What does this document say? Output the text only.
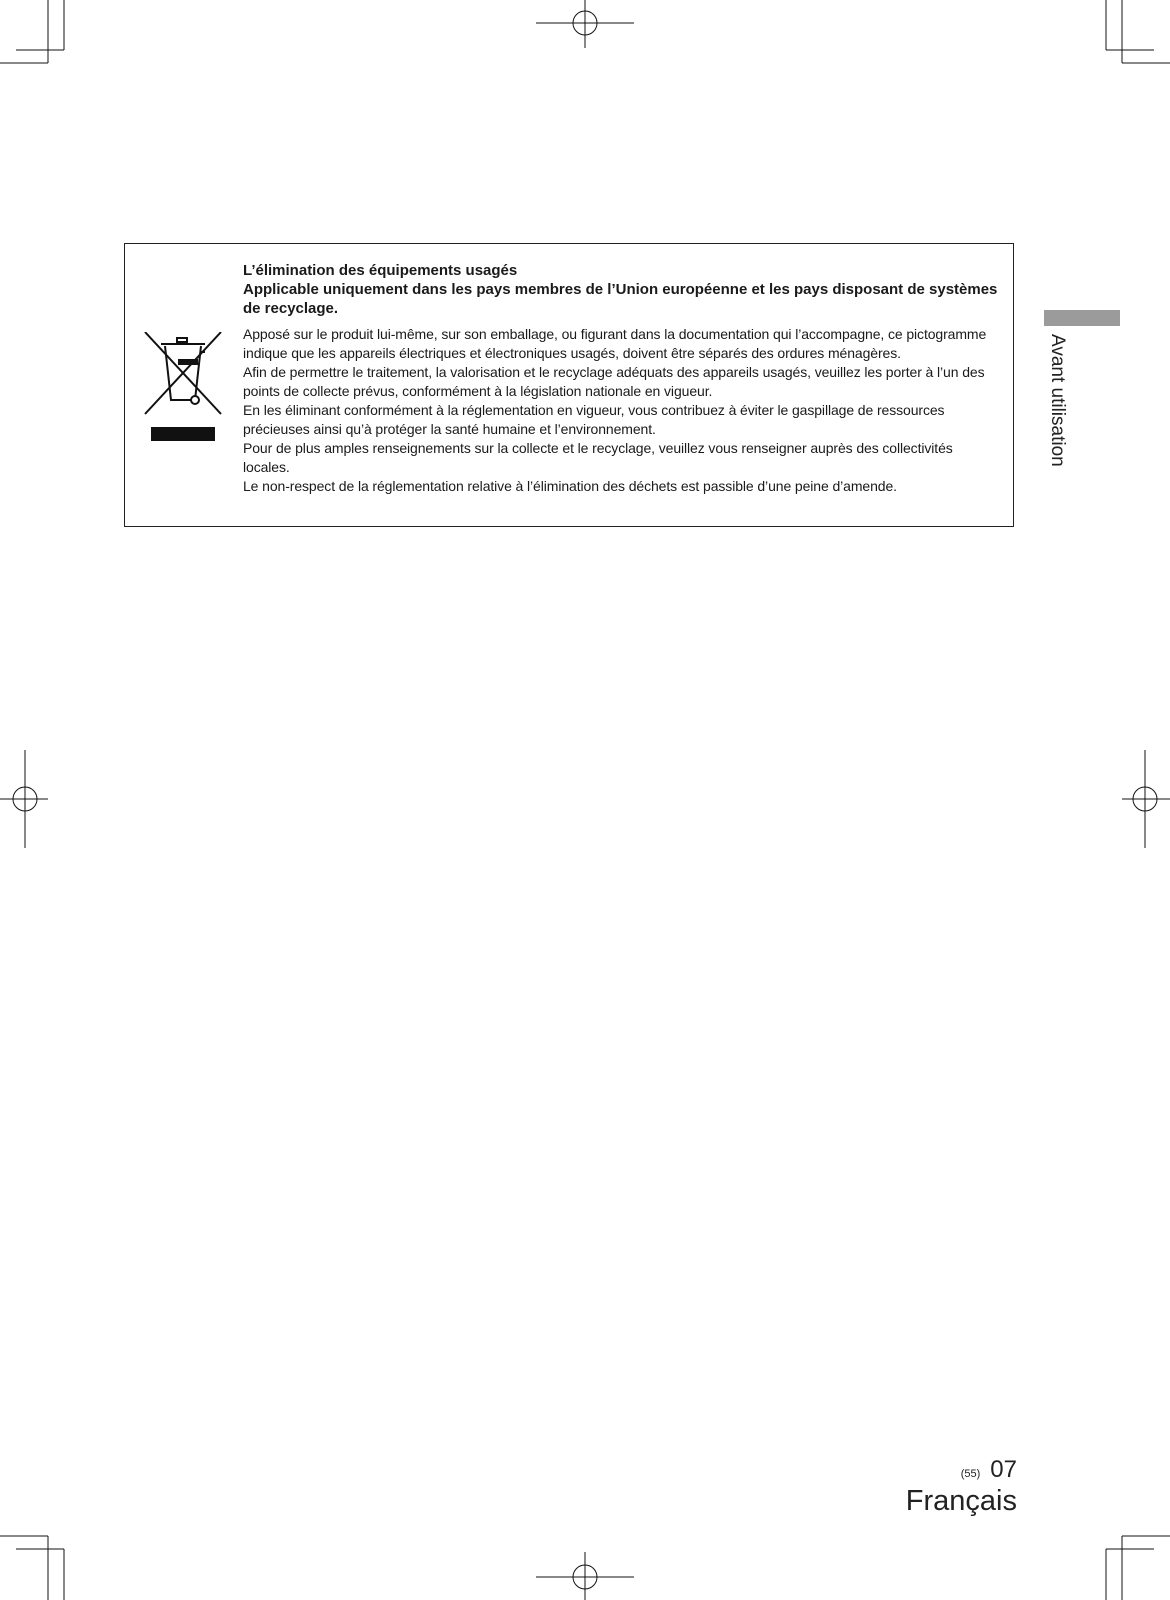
L’élimination des équipements usagés

Applicable uniquement dans les pays membres de l’Union européenne et les pays disposant de systèmes de recyclage.

Apposé sur le produit lui-même, sur son emballage, ou figurant dans la documentation qui l’accompagne, ce pictogramme indique que les appareils électriques et électroniques usagés, doivent être séparés des ordures ménagères.

Afin de permettre le traitement, la valorisation et le recyclage adéquats des appareils usagés, veuillez les porter à l’un des points de collecte prévus, conformément à la législation nationale en vigueur.

En les éliminant conformément à la réglementation en vigueur, vous contribuez à éviter le gaspillage de ressources précieuses ainsi qu’à protéger la santé humaine et l’environnement.

Pour de plus amples renseignements sur la collecte et le recyclage, veuillez vous renseigner auprès des collectivités locales.

Le non-respect de la réglementation relative à l’élimination des déchets est passible d’une peine d’amende.

Avant utilisation
(55) 07
Français
